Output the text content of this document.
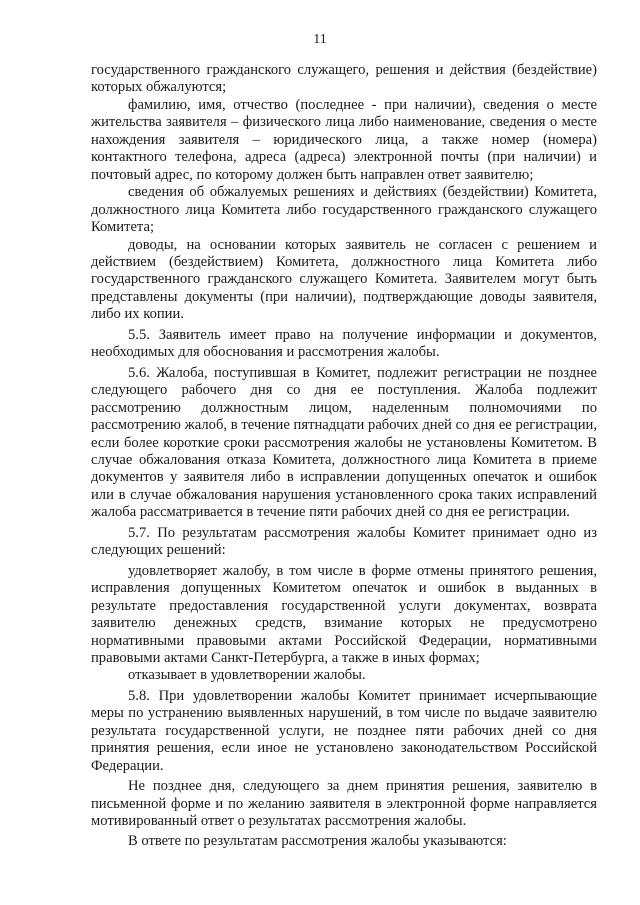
11

государственного гражданского служащего, решения и действия (бездействие) которых обжалуются;

фамилию, имя, отчество (последнее - при наличии), сведения о месте жительства заявителя – физического лица либо наименование, сведения о месте нахождения заявителя – юридического лица, а также номер (номера) контактного телефона, адреса (адреса) электронной почты (при наличии) и почтовый адрес, по которому должен быть направлен ответ заявителю;

сведения об обжалуемых решениях и действиях (бездействии) Комитета, должностного лица Комитета либо государственного гражданского служащего Комитета;

доводы, на основании которых заявитель не согласен с решением и действием (бездействием) Комитета, должностного лица Комитета либо государственного гражданского служащего Комитета. Заявителем могут быть представлены документы (при наличии), подтверждающие доводы заявителя, либо их копии.

5.5. Заявитель имеет право на получение информации и документов, необходимых для обоснования и рассмотрения жалобы.

5.6. Жалоба, поступившая в Комитет, подлежит регистрации не позднее следующего рабочего дня со дня ее поступления. Жалоба подлежит рассмотрению должностным лицом, наделенным полномочиями по рассмотрению жалоб, в течение пятнадцати рабочих дней со дня ее регистрации, если более короткие сроки рассмотрения жалобы не установлены Комитетом. В случае обжалования отказа Комитета, должностного лица Комитета в приеме документов у заявителя либо в исправлении допущенных опечаток и ошибок или в случае обжалования нарушения установленного срока таких исправлений жалоба рассматривается в течение пяти рабочих дней со дня ее регистрации.

5.7. По результатам рассмотрения жалобы Комитет принимает одно из следующих решений:

удовлетворяет жалобу, в том числе в форме отмены принятого решения, исправления допущенных Комитетом опечаток и ошибок в выданных в результате предоставления государственной услуги документах, возврата заявителю денежных средств, взимание которых не предусмотрено нормативными правовыми актами Российской Федерации, нормативными правовыми актами Санкт-Петербурга, а также в иных формах;

отказывает в удовлетворении жалобы.

5.8. При удовлетворении жалобы Комитет принимает исчерпывающие меры по устранению выявленных нарушений, в том числе по выдаче заявителю результата государственной услуги, не позднее пяти рабочих дней со дня принятия решения, если иное не установлено законодательством Российской Федерации.

Не позднее дня, следующего за днем принятия решения, заявителю в письменной форме и по желанию заявителя в электронной форме направляется мотивированный ответ о результатах рассмотрения жалобы.

В ответе по результатам рассмотрения жалобы указываются:
